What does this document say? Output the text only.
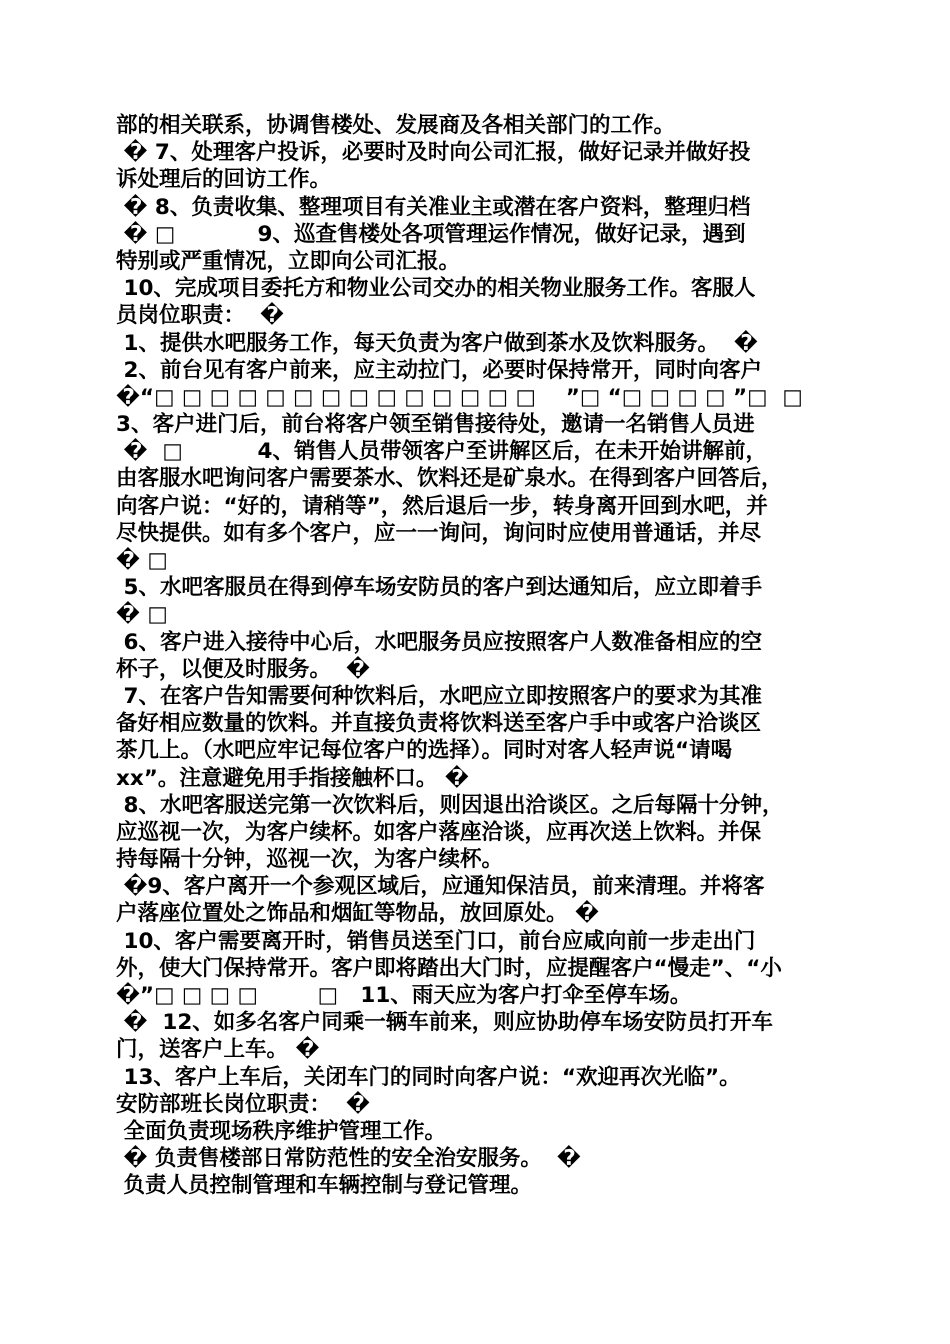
部的相关联系，协调售楼处、发展商及各相关部门的工作。
� 7、处理客户投诉，必要时及时向公司汇报，做好记录并做好投
诉处理后的回访工作。
� 8、负责收集、整理项目有关准业主或潜在客户资料，整理归档
� □           9、巡查售楼处各项管理运作情况，做好记录，遇到
特别或严重情况，立即向公司汇报。
10、完成项目委托方和物业公司交办的相关物业服务工作。客服人
员岗位职责：  �
1、提供水吧服务工作，每天负责为客户做到茶水及饮料服务。  �
2、前台见有客户前来，应主动拉门，必要时保持常开，同时向客户
�“□ □ □ □ □ □ □ □ □ □ □ □ □ □    ”□ “□ □ □ □ ”□  □
3、客户进门后，前台将客户领至销售接待处，邀请一名销售人员进
�  □          4、销售人员带领客户至讲解区后，在未开始讲解前，
由客服水吧询问客户需要茶水、饮料还是矿泉水。在得到客户回答后，
向客户说：“好的，请稍等”，然后退后一步，转身离开回到水吧，并
尽快提供。如有多个客户，应一一询问，询问时应使用普通话，并尽
� □
5、水吧客服员在得到停车场安防员的客户到达通知后，应立即着手
� □
6、客户进入接待中心后，水吧服务员应按照客户人数准备相应的空
杯子，以便及时服务。  �
7、在客户告知需要何种饮料后，水吧应立即按照客户的要求为其准
备好相应数量的饮料。并直接负责将饮料送至客户手中或客户洽谈区
茶几上。（水吧应牢记每位客户的选择）。同时对客人轻声说“请喝
xx”。注意避免用手指接触杯口。 �
8、水吧客服送完第一次饮料后，则因退出洽谈区。之后每隔十分钟，
应巡视一次，为客户续杯。如客户落座洽谈，应再次送上饮料。并保
持每隔十分钟，巡视一次，为客户续杯。
�9、客户离开一个参观区域后，应通知保洁员，前来清理。并将客
户落座位置处之饰品和烟缸等物品，放回原处。 �
10、客户需要离开时，销售员送至门口，前台应咸向前一步走出门
外，使大门保持常开。客户即将踏出大门时，应提醒客户“慢走”、“小
�”□ □ □ □        □   11、雨天应为客户打伞至停车场。
�  12、如多名客户同乘一辆车前来，则应协助停车场安防员打开车
门，送客户上车。 �
13、客户上车后，关闭车门的同时向客户说：“欢迎再次光临”。
安防部班长岗位职责：  �
全面负责现场秩序维护管理工作。
� 负责售楼部日常防范性的安全治安服务。  �
负责人员控制管理和车辆控制与登记管理。
